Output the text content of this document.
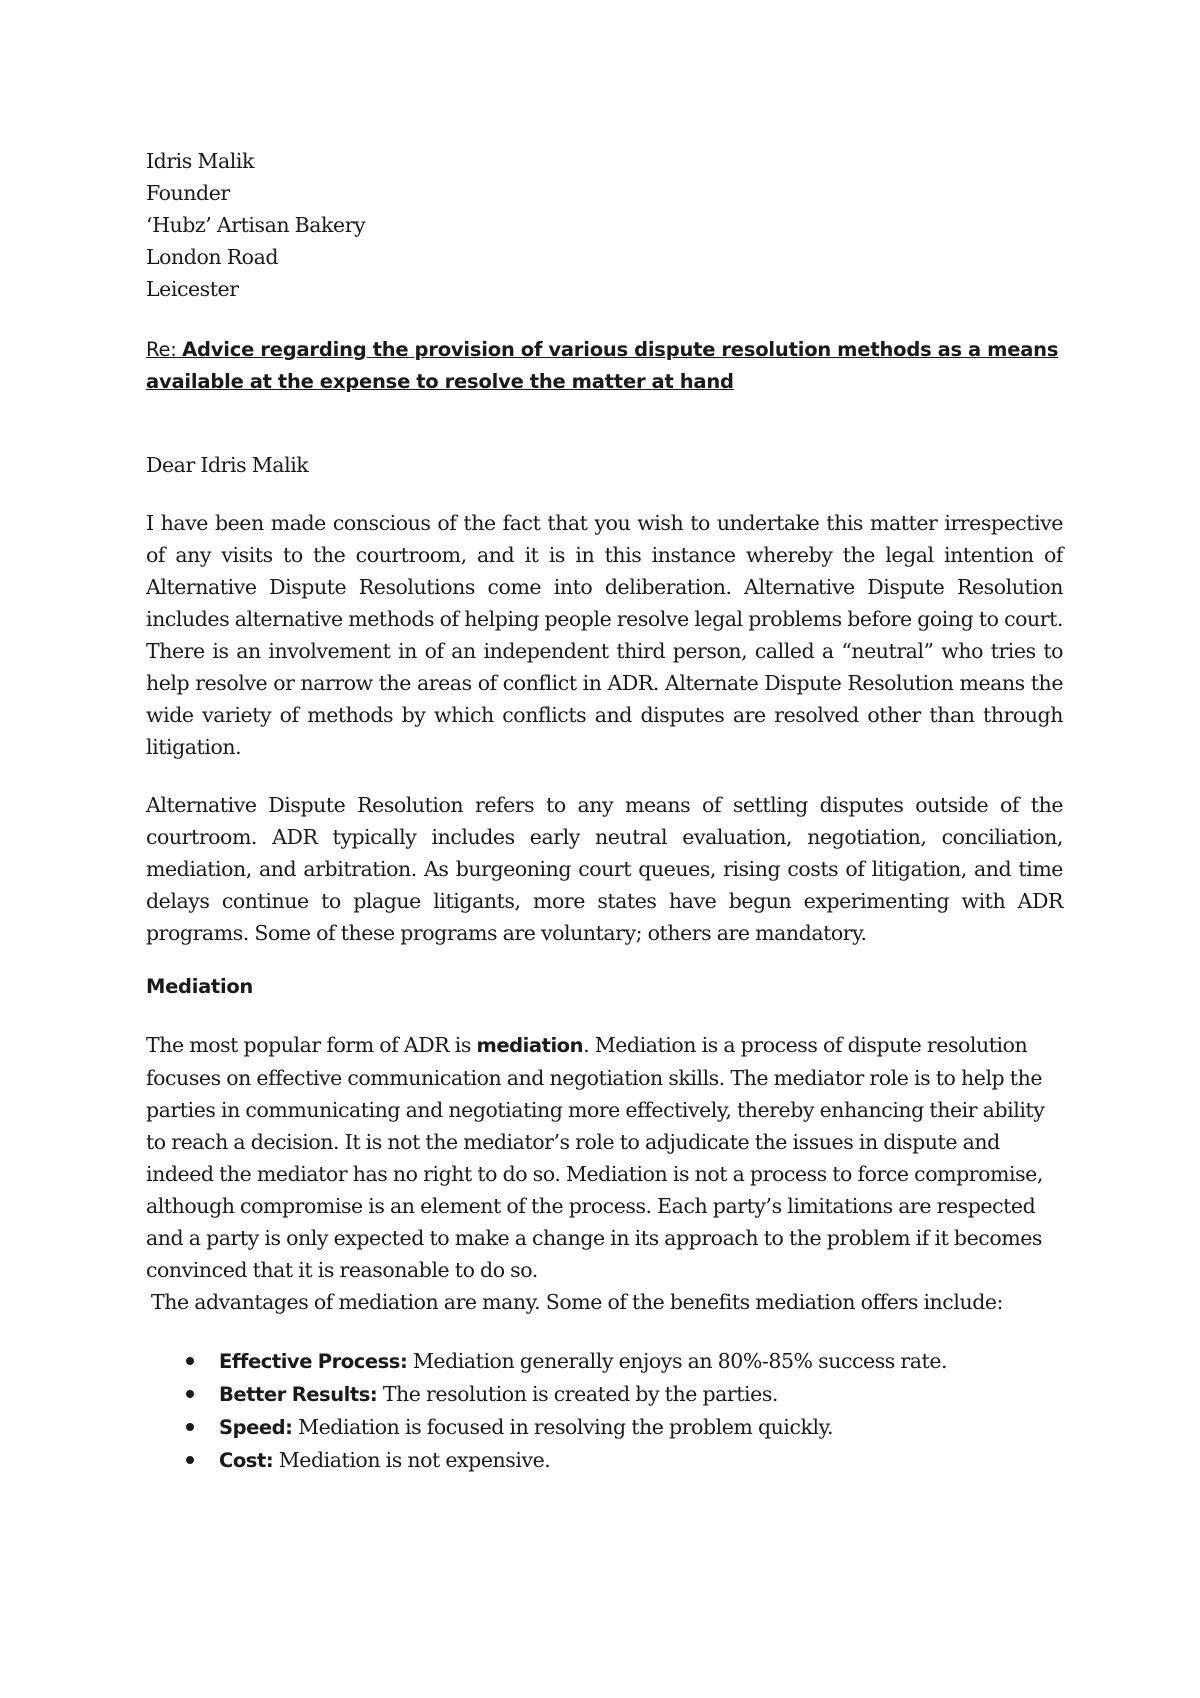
Idris Malik

Founder

‘Hubz’ Artisan Bakery

London Road

Leicester

Re: Advice regarding the provision of various dispute resolution methods as a means available at the expense to resolve the matter at hand

Dear Idris Malik

I have been made conscious of the fact that you wish to undertake this matter irrespective of any visits to the courtroom, and it is in this instance whereby the legal intention of Alternative Dispute Resolutions come into deliberation. Alternative Dispute Resolution includes alternative methods of helping people resolve legal problems before going to court. There is an involvement in of an independent third person, called a “neutral” who tries to help resolve or narrow the areas of conflict in ADR. Alternate Dispute Resolution means the wide variety of methods by which conflicts and disputes are resolved other than through litigation.

Alternative Dispute Resolution refers to any means of settling disputes outside of the courtroom. ADR typically includes early neutral evaluation, negotiation, conciliation, mediation, and arbitration. As burgeoning court queues, rising costs of litigation, and time delays continue to plague litigants, more states have begun experimenting with ADR programs. Some of these programs are voluntary; others are mandatory.

Mediation

The most popular form of ADR is mediation. Mediation is a process of dispute resolution focuses on effective communication and negotiation skills. The mediator role is to help the parties in communicating and negotiating more effectively, thereby enhancing their ability to reach a decision. It is not the mediator’s role to adjudicate the issues in dispute and indeed the mediator has no right to do so. Mediation is not a process to force compromise, although compromise is an element of the process. Each party’s limitations are respected and a party is only expected to make a change in its approach to the problem if it becomes convinced that it is reasonable to do so.

The advantages of mediation are many. Some of the benefits mediation offers include:

Effective Process: Mediation generally enjoys an 80%-85% success rate.
Better Results: The resolution is created by the parties.
Speed: Mediation is focused in resolving the problem quickly.
Cost: Mediation is not expensive.
